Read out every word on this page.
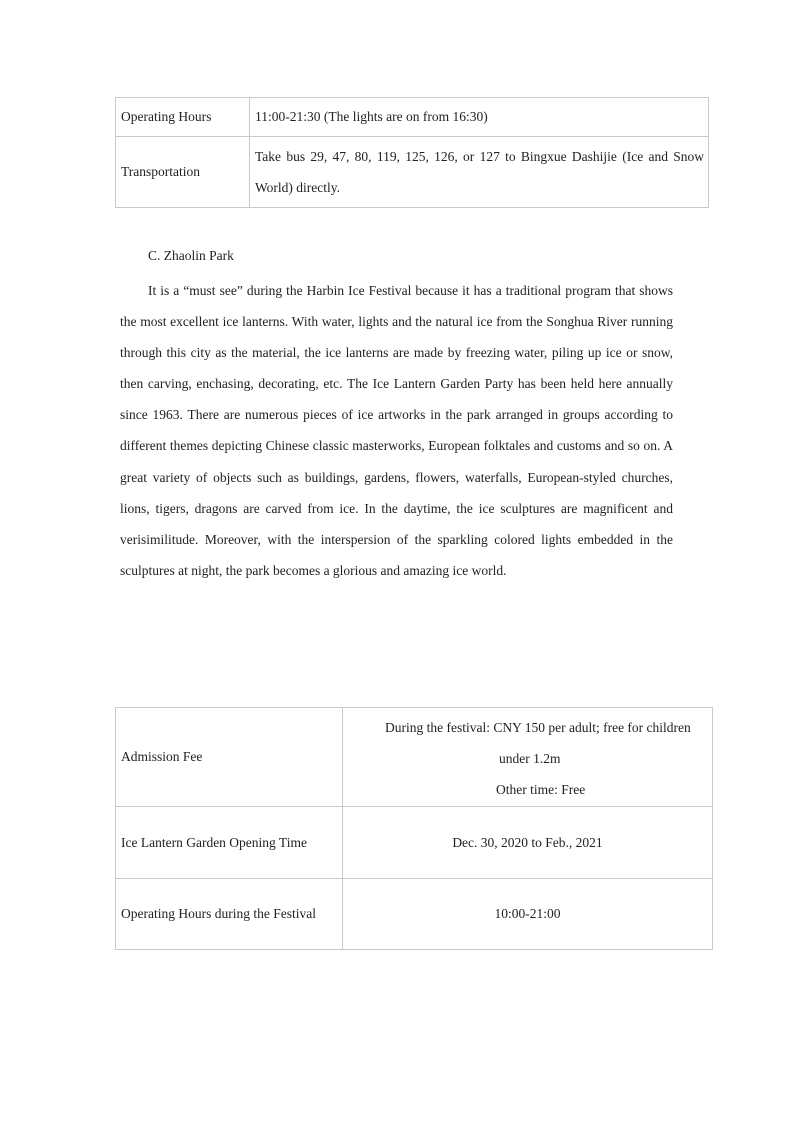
Operating Hours	11:00-21:30 (The lights are on from 16:30)
Transportation	Take bus 29, 47, 80, 119, 125, 126, or 127 to Bingxue Dashijie (Ice and Snow World) directly.
C. Zhaolin Park

It is a “must see” during the Harbin Ice Festival because it has a traditional program that shows the most excellent ice lanterns. With water, lights and the natural ice from the Songhua River running through this city as the material, the ice lanterns are made by freezing water, piling up ice or snow, then carving, enchasing, decorating, etc. The Ice Lantern Garden Party has been held here annually since 1963. There are numerous pieces of ice artworks in the park arranged in groups according to different themes depicting Chinese classic masterworks, European folktales and customs and so on. A great variety of objects such as buildings, gardens, flowers, waterfalls, European-styled churches, lions, tigers, dragons are carved from ice. In the daytime, the ice sculptures are magnificent and verisimilitude. Moreover, with the interspersion of the sparkling colored lights embedded in the sculptures at night, the park becomes a glorious and amazing ice world.

Admission Fee	During the festival: CNY 150 per adult; free for children
under 1.2m
Other time: Free

Ice Lantern Garden Opening Time	Dec. 30, 2020 to Feb., 2021
Operating Hours during the Festival	10:00-21:00
